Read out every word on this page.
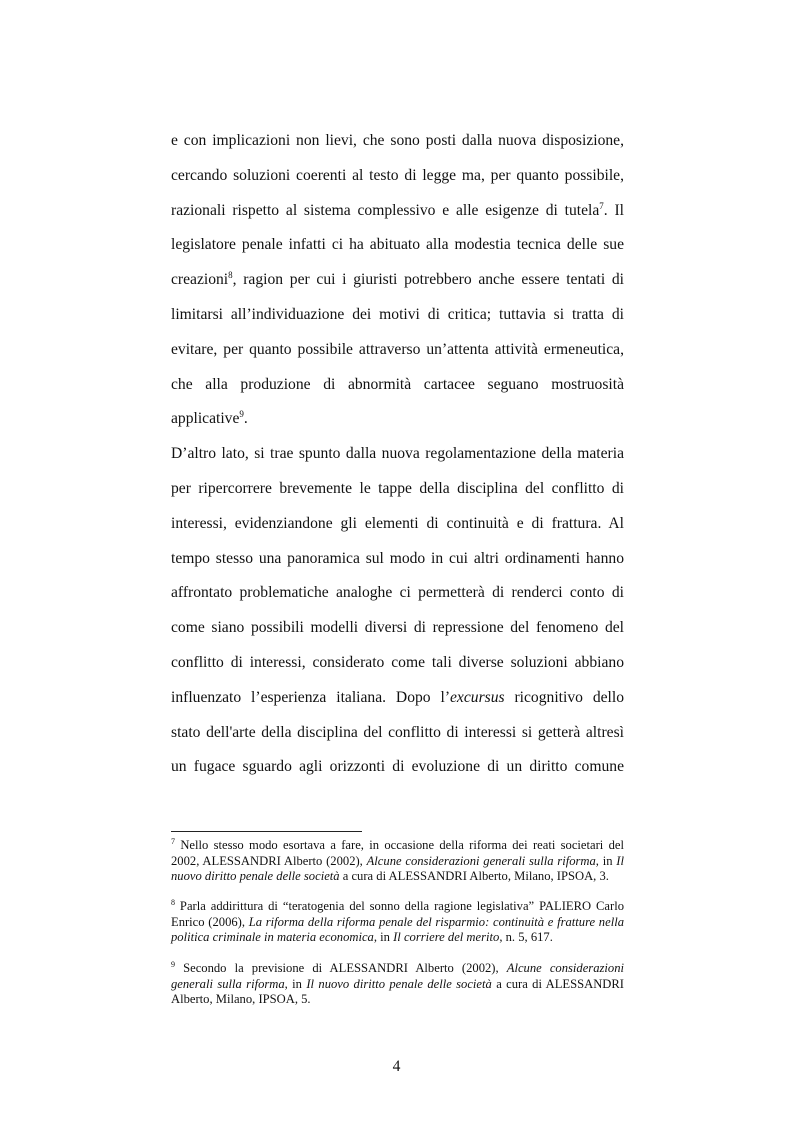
e con implicazioni non lievi, che sono posti dalla nuova disposizione,
cercando soluzioni coerenti al testo di legge ma, per quanto possibile,
razionali rispetto al sistema complessivo e alle esigenze di tutela$^7$. Il
legislatore penale infatti ci ha abituato alla modestia tecnica delle sue
creazioni$^8$, ragion per cui i giuristi potrebbero anche essere tentati di
limitarsi all’individuazione dei motivi di critica; tuttavia si tratta di
evitare, per quanto possibile attraverso un’attenta attività ermeneutica,
che alla produzione di abnormità cartacee seguano mostruosità
applicative$^9$.
D’altro lato, si trae spunto dalla nuova regolamentazione della materia
per ripercorrere brevemente le tappe della disciplina del conflitto di
interessi, evidenziandone gli elementi di continuità e di frattura. Al
tempo stesso una panoramica sul modo in cui altri ordinamenti hanno
affrontato problematiche analoghe ci permetterà di renderci conto di
come siano possibili modelli diversi di repressione del fenomeno del
conflitto di interessi, considerato come tali diverse soluzioni abbiano
influenzato l’esperienza italiana. Dopo l’excursus ricognitivo dello
stato dell'arte della disciplina del conflitto di interessi si getterà altresì
un fugace sguardo agli orizzonti di evoluzione di un diritto comune
$^7$ Nello stesso modo esortava a fare, in occasione della riforma dei reati societari del 2002, ALESSANDRI Alberto (2002), Alcune considerazioni generali sulla riforma, in Il nuovo diritto penale delle società a cura di ALESSANDRI Alberto, Milano, IPSOA, 3.
$^8$ Parla addirittura di “teratogenia del sonno della ragione legislativa” PALIERO Carlo Enrico (2006), La riforma della riforma penale del risparmio: continuità e fratture nella politica criminale in materia economica, in Il corriere del merito, n. 5, 617.
$^9$ Secondo la previsione di ALESSANDRI Alberto (2002), Alcune considerazioni generali sulla riforma, in Il nuovo diritto penale delle società a cura di ALESSANDRI Alberto, Milano, IPSOA, 5.
4
